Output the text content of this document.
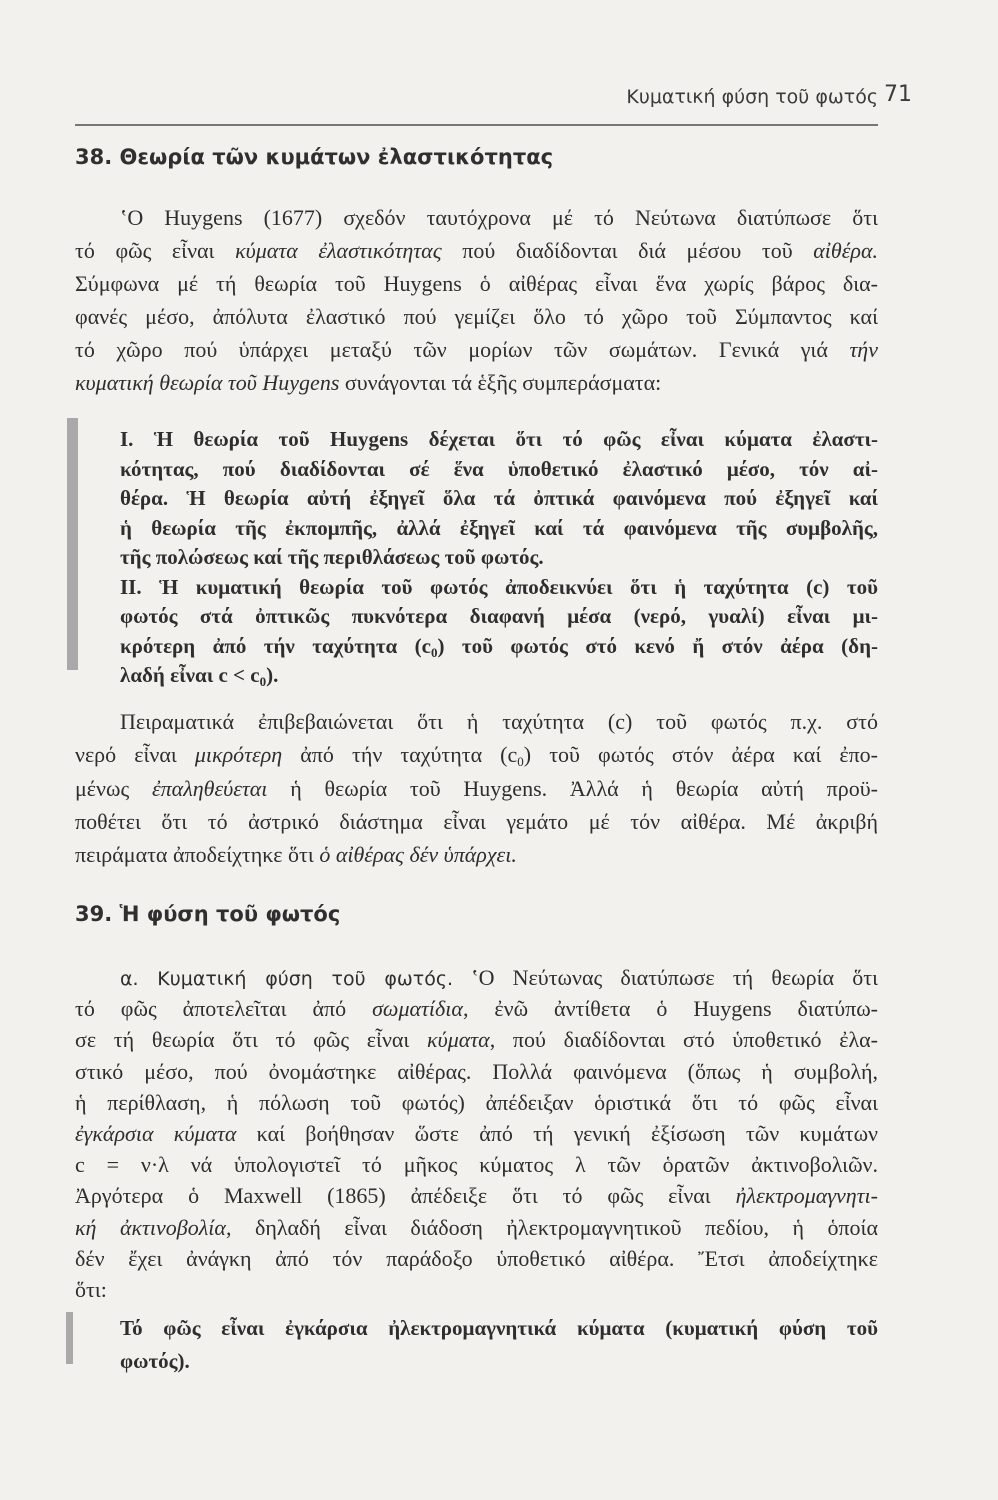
Κυματική φύση τοῦ φωτός 71
38. Θεωρία τῶν κυμάτων ἐλαστικότητας
ʽΟ Huygens (1677) σχεδόν ταυτόχρονα μέ τό Νεύτωνα διατύπωσε ὅτι
τό φῶς εἶναι κύματα ἐλαστικότητας πού διαδίδονται διά μέσου τοῦ αἰθέρα.
Σύμφωνα μέ τή θεωρία τοῦ Huygens ὁ αἰθέρας εἶναι ἕνα χωρίς βάρος δια-
φανές μέσο, ἀπόλυτα ἐλαστικό πού γεμίζει ὅλο τό χῶρο τοῦ Σύμπαντος καί
τό χῶρο πού ὑπάρχει μεταξύ τῶν μορίων τῶν σωμάτων. Γενικά γιά τήν
κυματική θεωρία τοῦ Huygens συνάγονται τά ἑξῆς συμπεράσματα:
I. Ἡ θεωρία τοῦ Huygens δέχεται ὅτι τό φῶς εἶναι κύματα ἐλαστι-
κότητας, πού διαδίδονται σέ ἕνα ὑποθετικό ἐλαστικό μέσο, τόν αἰ-
θέρα. Ἡ θεωρία αὐτή ἐξηγεῖ ὅλα τά ὀπτικά φαινόμενα πού ἐξηγεῖ καί
ἡ θεωρία τῆς ἐκπομπῆς, ἀλλά ἐξηγεῖ καί τά φαινόμενα τῆς συμβολῆς,
τῆς πολώσεως καί τῆς περιθλάσεως τοῦ φωτός.
II. Ἡ κυματική θεωρία τοῦ φωτός ἀποδεικνύει ὅτι ἡ ταχύτητα (c) τοῦ
φωτός στά ὀπτικῶς πυκνότερα διαφανή μέσα (νερό, γυαλί) εἶναι μι-
κρότερη ἀπό τήν ταχύτητα (c0) τοῦ φωτός στό κενό ἤ στόν ἀέρα (δη-
λαδή εἶναι c < c0).
Πειραματικά ἐπιβεβαιώνεται ὅτι ἡ ταχύτητα (c) τοῦ φωτός π.χ. στό
νερό εἶναι μικρότερη ἀπό τήν ταχύτητα (c0) τοῦ φωτός στόν ἀέρα καί ἐπο-
μένως ἐπαληθεύεται ἡ θεωρία τοῦ Huygens. Ἀλλά ἡ θεωρία αὐτή προϋ-
ποθέτει ὅτι τό ἀστρικό διάστημα εἶναι γεμάτο μέ τόν αἰθέρα. Μέ ἀκριβή
πειράματα ἀποδείχτηκε ὅτι ὁ αἰθέρας δέν ὑπάρχει.
39. Ἡ φύση τοῦ φωτός
α. Κυματική φύση τοῦ φωτός. ʽΟ Νεύτωνας διατύπωσε τή θεωρία ὅτι
τό φῶς ἀποτελεῖται ἀπό σωματίδια, ἐνῶ ἀντίθετα ὁ Huygens διατύπω-
σε τή θεωρία ὅτι τό φῶς εἶναι κύματα, πού διαδίδονται στό ὑποθετικό ἐλα-
στικό μέσο, πού ὀνομάστηκε αἰθέρας. Πολλά φαινόμενα (ὅπως ἡ συμβολή,
ἡ περίθλαση, ἡ πόλωση τοῦ φωτός) ἀπέδειξαν ὁριστικά ὅτι τό φῶς εἶναι
ἐγκάρσια κύματα καί βοήθησαν ὥστε ἀπό τή γενική ἐξίσωση τῶν κυμάτων
c = ν·λ νά ὑπολογιστεῖ τό μῆκος κύματος λ τῶν ὁρατῶν ἀκτινοβολιῶν.
Ἀργότερα ὁ Maxwell (1865) ἀπέδειξε ὅτι τό φῶς εἶναι ἠλεκτρομαγνητι-
κή ἀκτινοβολία, δηλαδή εἶναι διάδοση ἠλεκτρομαγνητικοῦ πεδίου, ἡ ὁποία
δέν ἔχει ἀνάγκη ἀπό τόν παράδοξο ὑποθετικό αἰθέρα. Ἔτσι ἀποδείχτηκε
ὅτι:
Τό φῶς εἶναι ἐγκάρσια ἠλεκτρομαγνητικά κύματα (κυματική φύση τοῦ
φωτός).
